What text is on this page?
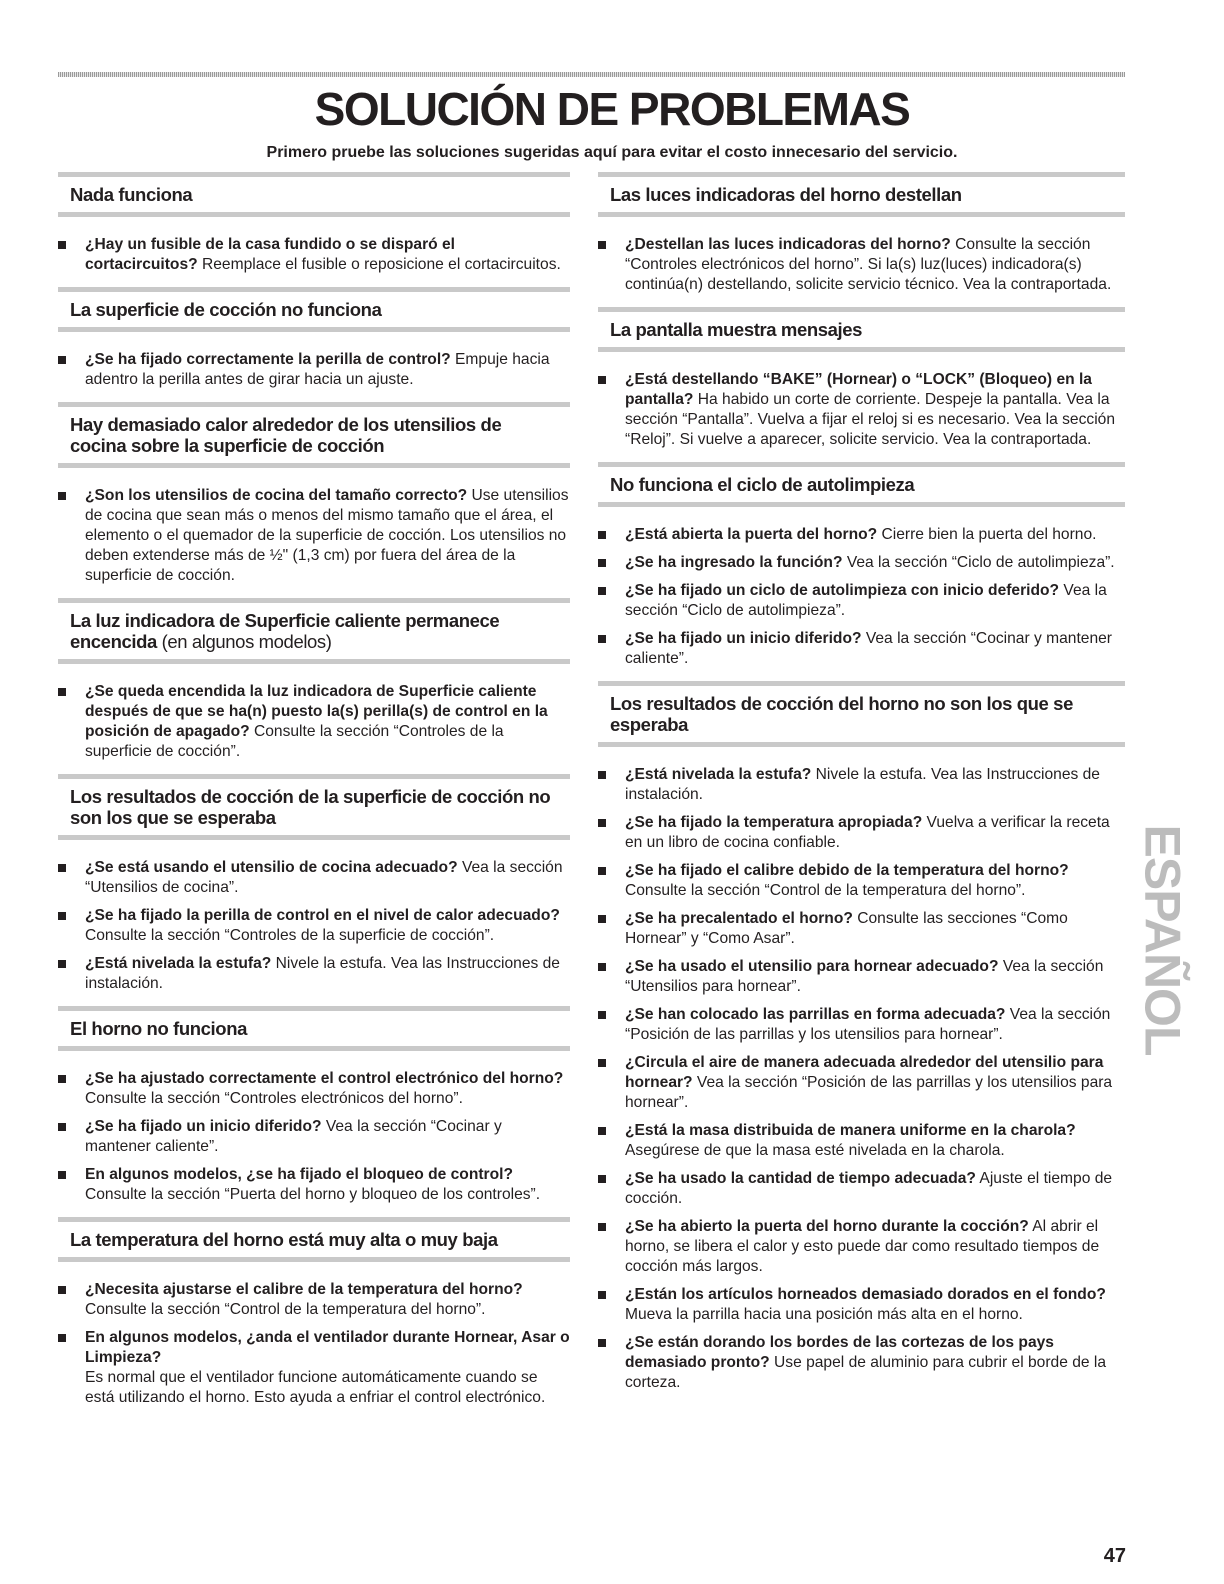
SOLUCIÓN DE PROBLEMAS

Primero pruebe las soluciones sugeridas aquí para evitar el costo innecesario del servicio.

Nada funciona
¿Hay un fusible de la casa fundido o se disparó el cortacircuitos? Reemplace el fusible o reposicione el cortacircuitos.
La superficie de cocción no funciona
¿Se ha fijado correctamente la perilla de control? Empuje hacia adentro la perilla antes de girar hacia un ajuste.
Hay demasiado calor alrededor de los utensilios de cocina sobre la superficie de cocción
¿Son los utensilios de cocina del tamaño correcto? Use utensilios de cocina que sean más o menos del mismo tamaño que el área, el elemento o el quemador de la superficie de cocción. Los utensilios no deben extenderse más de ½" (1,3 cm) por fuera del área de la superficie de cocción.
La luz indicadora de Superficie caliente permanece encencida (en algunos modelos)
¿Se queda encendida la luz indicadora de Superficie caliente después de que se ha(n) puesto la(s) perilla(s) de control en la posición de apagado? Consulte la sección “Controles de la superficie de cocción”.
Los resultados de cocción de la superficie de cocción no son los que se esperaba
¿Se está usando el utensilio de cocina adecuado? Vea la sección “Utensilios de cocina”.
¿Se ha fijado la perilla de control en el nivel de calor adecuado? Consulte la sección “Controles de la superficie de cocción”.
¿Está nivelada la estufa? Nivele la estufa. Vea las Instrucciones de instalación.
El horno no funciona
¿Se ha ajustado correctamente el control electrónico del horno? Consulte la sección “Controles electrónicos del horno”.
¿Se ha fijado un inicio diferido? Vea la sección “Cocinar y mantener caliente”.
En algunos modelos, ¿se ha fijado el bloqueo de control? Consulte la sección “Puerta del horno y bloqueo de los controles”.
La temperatura del horno está muy alta o muy baja
¿Necesita ajustarse el calibre de la temperatura del horno?
Consulte la sección “Control de la temperatura del horno”.
En algunos modelos, ¿anda el ventilador durante Hornear, Asar o Limpieza?
Es normal que el ventilador funcione automáticamente cuando se está utilizando el horno. Esto ayuda a enfriar el control electrónico.
Las luces indicadoras del horno destellan
¿Destellan las luces indicadoras del horno? Consulte la sección “Controles electrónicos del horno”. Si la(s) luz(luces) indicadora(s) continúa(n) destellando, solicite servicio técnico. Vea la contraportada.
La pantalla muestra mensajes
¿Está destellando “BAKE” (Hornear) o “LOCK” (Bloqueo) en la pantalla? Ha habido un corte de corriente. Despeje la pantalla. Vea la sección “Pantalla”. Vuelva a fijar el reloj si es necesario. Vea la sección “Reloj”. Si vuelve a aparecer, solicite servicio. Vea la contraportada.
No funciona el ciclo de autolimpieza
¿Está abierta la puerta del horno? Cierre bien la puerta del horno.
¿Se ha ingresado la función? Vea la sección “Ciclo de autolimpieza”.
¿Se ha fijado un ciclo de autolimpieza con inicio deferido? Vea la sección “Ciclo de autolimpieza”.
¿Se ha fijado un inicio diferido? Vea la sección “Cocinar y mantener caliente”.
Los resultados de cocción del horno no son los que se esperaba
¿Está nivelada la estufa? Nivele la estufa. Vea las Instrucciones de instalación.
¿Se ha fijado la temperatura apropiada? Vuelva a verificar la receta en un libro de cocina confiable.
¿Se ha fijado el calibre debido de la temperatura del horno? Consulte la sección “Control de la temperatura del horno”.
¿Se ha precalentado el horno? Consulte las secciones “Como Hornear” y “Como Asar”.
¿Se ha usado el utensilio para hornear adecuado? Vea la sección “Utensilios para hornear”.
¿Se han colocado las parrillas en forma adecuada? Vea la sección “Posición de las parrillas y los utensilios para hornear”.
¿Circula el aire de manera adecuada alrededor del utensilio para hornear? Vea la sección “Posición de las parrillas y los utensilios para hornear”.
¿Está la masa distribuida de manera uniforme en la charola? Asegúrese de que la masa esté nivelada en la charola.
¿Se ha usado la cantidad de tiempo adecuada? Ajuste el tiempo de cocción.
¿Se ha abierto la puerta del horno durante la cocción? Al abrir el horno, se libera el calor y esto puede dar como resultado tiempos de cocción más largos.
¿Están los artículos horneados demasiado dorados en el fondo? Mueva la parrilla hacia una posición más alta en el horno.
¿Se están dorando los bordes de las cortezas de los pays demasiado pronto? Use papel de aluminio para cubrir el borde de la corteza.
ESPAÑOL
47
